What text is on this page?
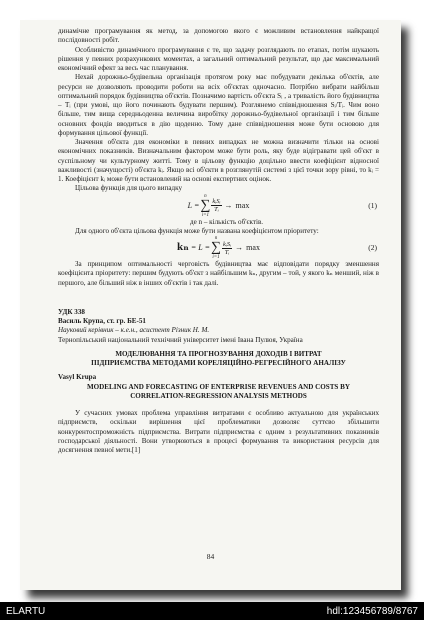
динамічне програмування як метод, за допомогою якого є можливим встановлення найкращої послідовності робіт.

Особливістю динамічного програмування є те, що задачу розглядають по етапах, потім шукають рішення у певних розрахункових моментах, а загальний оптимальний результат, що дає максимальний економічний ефект за весь час планування.

Нехай дорожньо-будівельна організація протягом року має побудувати декілька об'єктів, але ресурси не дозволяють проводити роботи на всіх об'єктах одночасно. Потрібно вибрати найбільш оптимальний порядок будівництва об'єктів. Позначимо вартість об'єкта Sᵢ , а тривалість його будівництва – Tᵢ (при умові, що його починають будувати першим). Розглянемо співвідношення Sᵢ/Tᵢ. Чим воно більше, тим вища середньоденна величина виробітку дорожньо-будівельної організації і тим більше основних фондів вводиться в дію щоденно. Тому дане співвідношення може бути основою для формування цільової функції.

Значення об'єкта для економіки в певних випадках не можна визначити тільки на основі економічних показників. Визначальним фактором може бути роль, яку буде відігравати цей об'єкт в суспільному чи культурному житті. Тому в цільову функцію доцільно ввести коефіцієнт відносної важливості (значущості) об'єкта kᵢ. Якщо всі об'єкти в розглянутій системі з цієї точки зору рівні, то kᵢ = 1. Коефіцієнт kᵢ може бути встановлений на основі експертних оцінок.

Цільова функція для цього випадку

L =
n
∑
i=1
$\frac{\text{kᵢSᵢ}}{\text{Tᵢ}} \to \max$	(1)

де n – кількість об'єктів.

Для одного об'єкта цільова функція може бути названа коефіцієнтом пріоритету:

kₙ = L =
n
∑
i=1
$\frac{\text{kᵢSᵢ}}{\text{Tᵢ}} \to \max$	(2)

За принципом оптимальності черговість будівництва має відповідати порядку зменшення коефіцієнта пріоритету: першим будують об'єкт з найбільшим kₙ, другим – той, у якого kₙ менший, ніж в першого, але більший ніж в інших об'єктів і так далі.

УДК 338

Василь Крупа, ст. гр. БЕ-51

Науковий керівник – к.е.н., асистент Різник Н. М.

Тернопільський національний технічний університет імені Івана Пулюя, Україна

МОДЕЛЮВАННЯ ТА ПРОГНОЗУВАННЯ ДОХОДІВ І ВИТРАТ

ПІДПРИЄМСТВА МЕТОДАМИ КОРЕЛЯЦІЙНО-РЕГРЕСІЙНОГО АНАЛІЗУ

Vasyl Krupa

MODELING AND FORECASTING OF ENTERPRISE REVENUES AND COSTS BY

CORRELATION-REGRESSION ANALYSIS METHODS

У сучасних умовах проблема управління витратами є особливо актуальною для українських підприємств, оскільки вирішення цієї проблематики дозволяє суттєво збільшити конкурентоспроможність підприємства. Витрати підприємства є одним з результативних показників господарської діяльності. Вони утворюються в процесі формування та використання ресурсів для досягнення певної мети.[1]

84
ELARTU	hdl:123456789/8767
